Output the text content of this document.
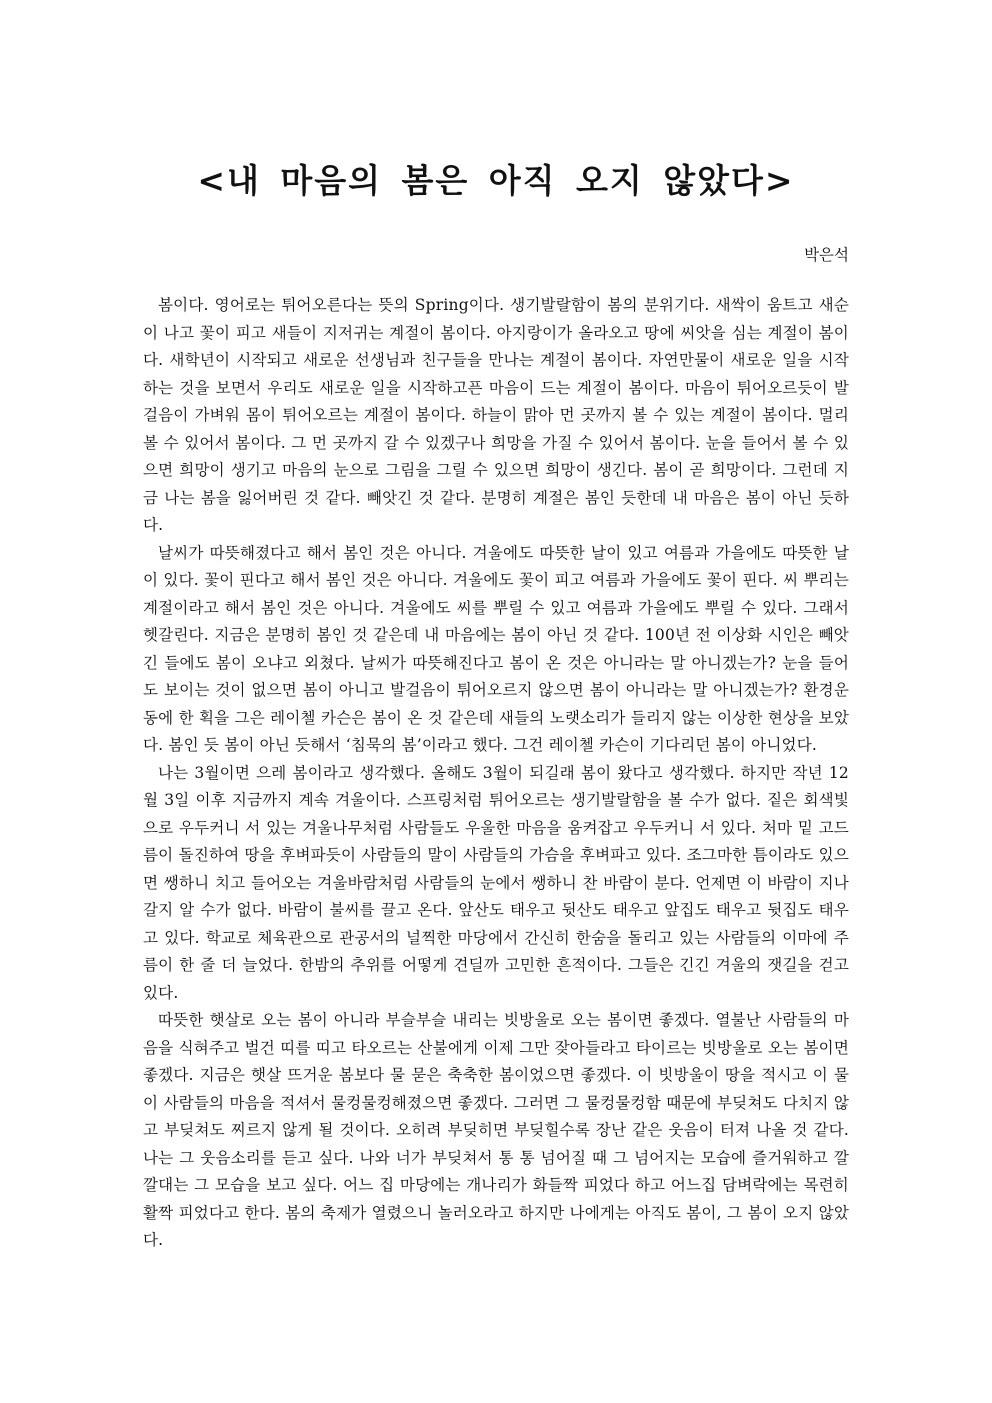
<내 마음의 봄은 아직 오지 않았다>

박은석

봄이다. 영어로는 튀어오른다는 뜻의 Spring이다. 생기발랄함이 봄의 분위기다. 새싹이 움트고 새순이 나고 꽃이 피고 새들이 지저귀는 계절이 봄이다. 아지랑이가 올라오고 땅에 씨앗을 심는 계절이 봄이다. 새학년이 시작되고 새로운 선생님과 친구들을 만나는 계절이 봄이다. 자연만물이 새로운 일을 시작하는 것을 보면서 우리도 새로운 일을 시작하고픈 마음이 드는 계절이 봄이다. 마음이 튀어오르듯이 발걸음이 가벼워 몸이 튀어오르는 계절이 봄이다. 하늘이 맑아 먼 곳까지 볼 수 있는 계절이 봄이다. 멀리 볼 수 있어서 봄이다. 그 먼 곳까지 갈 수 있겠구나 희망을 가질 수 있어서 봄이다. 눈을 들어서 볼 수 있으면 희망이 생기고 마음의 눈으로 그림을 그릴 수 있으면 희망이 생긴다. 봄이 곧 희망이다. 그런데 지금 나는 봄을 잃어버린 것 같다. 빼앗긴 것 같다. 분명히 계절은 봄인 듯한데 내 마음은 봄이 아닌 듯하다.

날씨가 따뜻해졌다고 해서 봄인 것은 아니다. 겨울에도 따뜻한 날이 있고 여름과 가을에도 따뜻한 날이 있다. 꽃이 핀다고 해서 봄인 것은 아니다. 겨울에도 꽃이 피고 여름과 가을에도 꽃이 핀다. 씨 뿌리는 계절이라고 해서 봄인 것은 아니다. 겨울에도 씨를 뿌릴 수 있고 여름과 가을에도 뿌릴 수 있다. 그래서 헷갈린다. 지금은 분명히 봄인 것 같은데 내 마음에는 봄이 아닌 것 같다. 100년 전 이상화 시인은 빼앗긴 들에도 봄이 오냐고 외쳤다. 날씨가 따뜻해진다고 봄이 온 것은 아니라는 말 아니겠는가? 눈을 들어도 보이는 것이 없으면 봄이 아니고 발걸음이 튀어오르지 않으면 봄이 아니라는 말 아니겠는가? 환경운동에 한 획을 그은 레이첼 카슨은 봄이 온 것 같은데 새들의 노랫소리가 들리지 않는 이상한 현상을 보았다. 봄인 듯 봄이 아닌 듯해서 ‘침묵의 봄’이라고 했다. 그건 레이첼 카슨이 기다리던 봄이 아니었다.

나는 3월이면 으레 봄이라고 생각했다. 올해도 3월이 되길래 봄이 왔다고 생각했다. 하지만 작년 12월 3일 이후 지금까지 계속 겨울이다. 스프링처럼 튀어오르는 생기발랄함을 볼 수가 없다. 짙은 회색빛으로 우두커니 서 있는 겨울나무처럼 사람들도 우울한 마음을 움켜잡고 우두커니 서 있다. 처마 밑 고드름이 돌진하여 땅을 후벼파듯이 사람들의 말이 사람들의 가슴을 후벼파고 있다. 조그마한 틈이라도 있으면 쌩하니 치고 들어오는 겨울바람처럼 사람들의 눈에서 쌩하니 찬 바람이 분다. 언제면 이 바람이 지나갈지 알 수가 없다. 바람이 불씨를 끌고 온다. 앞산도 태우고 뒷산도 태우고 앞집도 태우고 뒷집도 태우고 있다. 학교로 체육관으로 관공서의 널찍한 마당에서 간신히 한숨을 돌리고 있는 사람들의 이마에 주름이 한 줄 더 늘었다. 한밤의 추위를 어떻게 견딜까 고민한 흔적이다. 그들은 긴긴 겨울의 잿길을 걷고 있다.

따뜻한 햇살로 오는 봄이 아니라 부슬부슬 내리는 빗방울로 오는 봄이면 좋겠다. 열불난 사람들의 마음을 식혀주고 벌건 띠를 띠고 타오르는 산불에게 이제 그만 잦아들라고 타이르는 빗방울로 오는 봄이면 좋겠다. 지금은 햇살 뜨거운 봄보다 물 묻은 축축한 봄이었으면 좋겠다. 이 빗방울이 땅을 적시고 이 물이 사람들의 마음을 적셔서 물컹물컹해졌으면 좋겠다. 그러면 그 물컹물컹함 때문에 부딪쳐도 다치지 않고 부딪쳐도 찌르지 않게 될 것이다. 오히려 부딪히면 부딪힐수록 장난 같은 웃음이 터져 나올 것 같다. 나는 그 웃음소리를 듣고 싶다. 나와 너가 부딪쳐서 통 통 넘어질 때 그 넘어지는 모습에 즐거워하고 깔깔대는 그 모습을 보고 싶다. 어느 집 마당에는 개나리가 화들짝 피었다 하고 어느집 담벼락에는 목련히 활짝 피었다고 한다. 봄의 축제가 열렸으니 놀러오라고 하지만 나에게는 아직도 봄이, 그 봄이 오지 않았다.
